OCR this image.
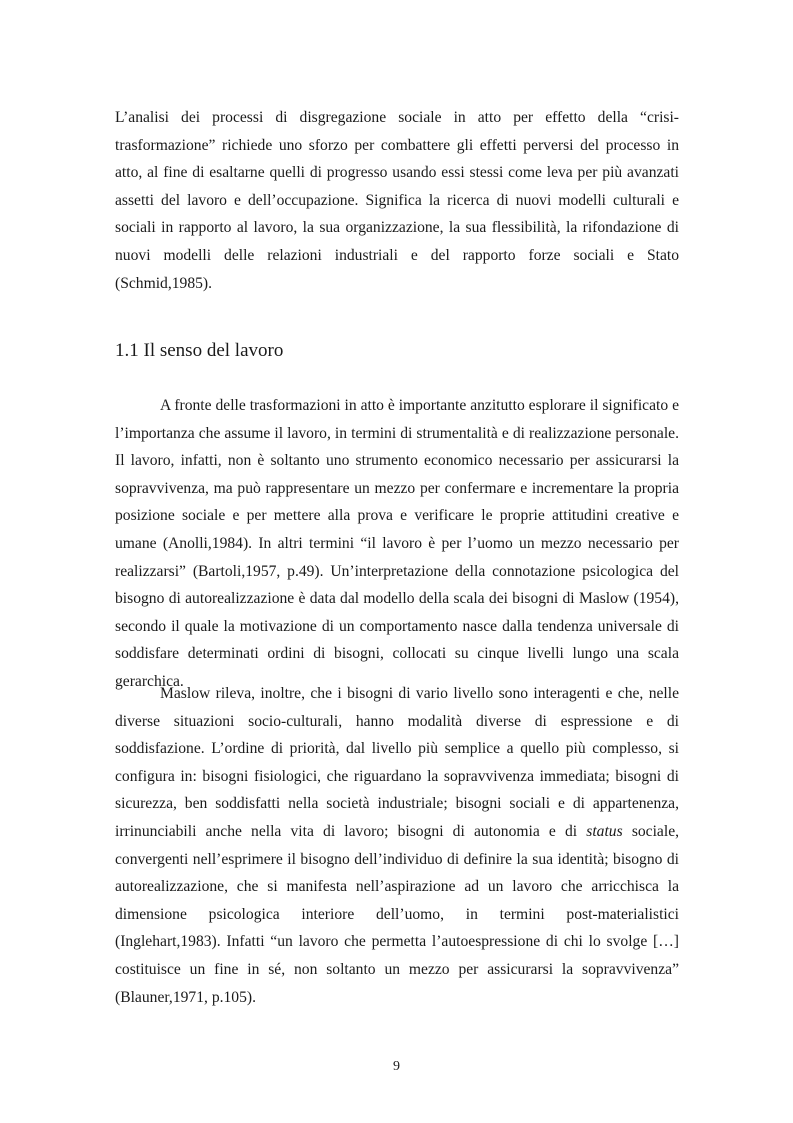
L’analisi dei processi di disgregazione sociale in atto per effetto della “crisi-trasformazione” richiede uno sforzo per combattere gli effetti perversi del processo in atto, al fine di esaltarne quelli di progresso usando essi stessi come leva per più avanzati assetti del lavoro e dell’occupazione. Significa la ricerca di nuovi modelli culturali e sociali in rapporto al lavoro, la sua organizzazione, la sua flessibilità, la rifondazione di nuovi modelli delle relazioni industriali e del rapporto forze sociali e Stato (Schmid,1985).

1.1 Il senso del lavoro

A fronte delle trasformazioni in atto è importante anzitutto esplorare il significato e l’importanza che assume il lavoro, in termini di strumentalità e di realizzazione personale. Il lavoro, infatti, non è soltanto uno strumento economico necessario per assicurarsi la sopravvivenza, ma può rappresentare un mezzo per confermare e incrementare la propria posizione sociale e per mettere alla prova e verificare le proprie attitudini creative e umane (Anolli,1984). In altri termini “il lavoro è per l’uomo un mezzo necessario per realizzarsi” (Bartoli,1957, p.49). Un’interpretazione della connotazione psicologica del bisogno di autorealizzazione è data dal modello della scala dei bisogni di Maslow (1954), secondo il quale la motivazione di un comportamento nasce dalla tendenza universale di soddisfare determinati ordini di bisogni, collocati su cinque livelli lungo una scala gerarchica.

Maslow rileva, inoltre, che i bisogni di vario livello sono interagenti e che, nelle diverse situazioni socio-culturali, hanno modalità diverse di espressione e di soddisfazione. L’ordine di priorità, dal livello più semplice a quello più complesso, si configura in: bisogni fisiologici, che riguardano la sopravvivenza immediata; bisogni di sicurezza, ben soddisfatti nella società industriale; bisogni sociali e di appartenenza, irrinunciabili anche nella vita di lavoro; bisogni di autonomia e di status sociale, convergenti nell’esprimere il bisogno dell’individuo di definire la sua identità; bisogno di autorealizzazione, che si manifesta nell’aspirazione ad un lavoro che arricchisca la dimensione psicologica interiore dell’uomo, in termini post-materialistici (Inglehart,1983). Infatti “un lavoro che permetta l’autoespressione di chi lo svolge […] costituisce un fine in sé, non soltanto un mezzo per assicurarsi la sopravvivenza” (Blauner,1971, p.105).

9
